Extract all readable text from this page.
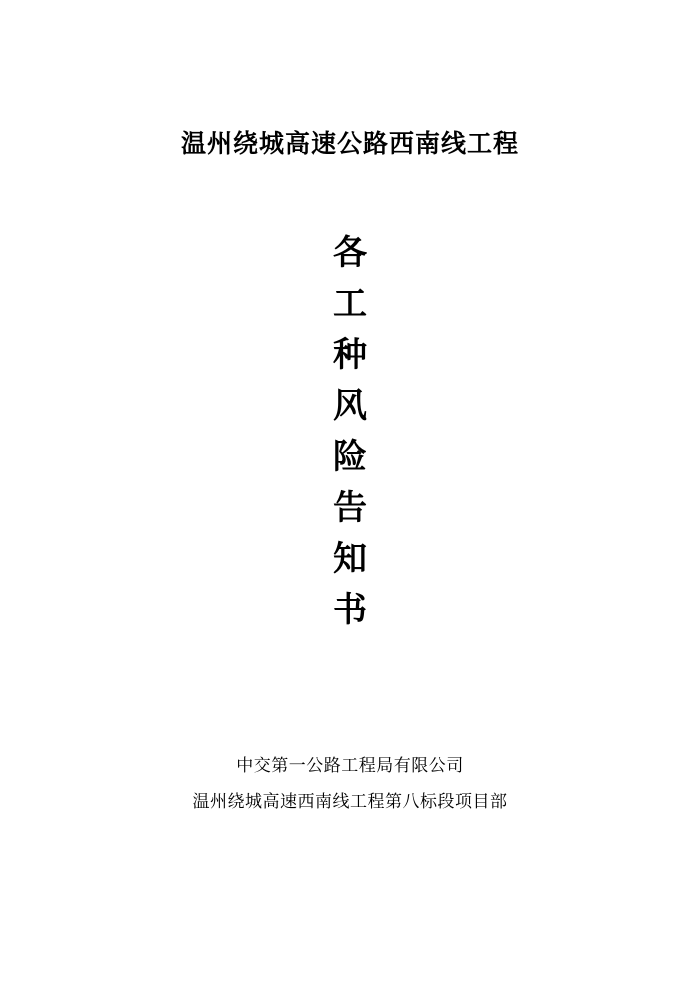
温州绕城高速公路西南线工程
各
工
种
风
险
告
知
书
中交第一公路工程局有限公司
温州绕城高速西南线工程第八标段项目部
